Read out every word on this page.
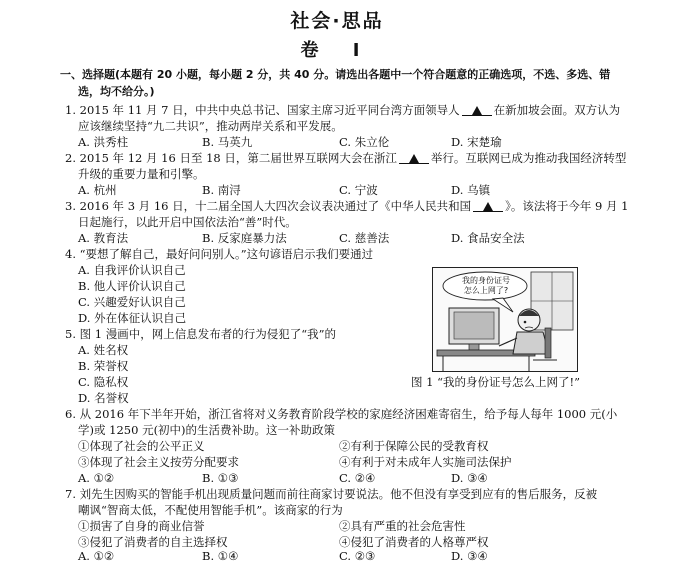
社会·思品
卷 I
一、选择题(本题有 20 小题，每小题 2 分，共 40 分。请选出各题中一个符合题意的正确选项，不选、多选、错
选，均不给分。)
1. 2015 年 11 月 7 日，中共中央总书记、国家主席习近平同台湾方面领导人	在新加坡会面。双方认为
应该继续坚持“九二共识”，推动两岸关系和平发展。
A. 洪秀柱	B. 马英九	C. 朱立伦	D. 宋楚瑜
2. 2015 年 12 月 16 日至 18 日，第二届世界互联网大会在浙江	举行。互联网已成为推动我国经济转型
升级的重要力量和引擎。
A. 杭州	B. 南浔	C. 宁波	D. 乌镇
3. 2016 年 3 月 16 日，十二届全国人大四次会议表决通过了《中华人民共和国	》。该法将于今年 9 月 1
日起施行，以此开启中国依法治“善”时代。
A. 教育法	B. 反家庭暴力法	C. 慈善法	D. 食品安全法
4. “要想了解自己，最好问问别人。”这句谚语启示我们要通过
A. 自我评价认识自己
B. 他人评价认识自己
C. 兴趣爱好认识自己
D. 外在体征认识自己
5. 图 1 漫画中，网上信息发布者的行为侵犯了“我”的
A. 姓名权
B. 荣誉权
C. 隐私权
D. 名誉权
我的身份证号
怎么上网了?
图 1 “我的身份证号怎么上网了!”
6. 从 2016 年下半年开始，浙江省将对义务教育阶段学校的家庭经济困难寄宿生，给予每人每年 1000 元(小
学)或 1250 元(初中)的生活费补助。这一补助政策
①体现了社会的公平正义	②有利于保障公民的受教育权
③体现了社会主义按劳分配要求	④有利于对未成年人实施司法保护
A. ①②	B. ①③	C. ②④	D. ③④
7. 刘先生因购买的智能手机出现质量问题而前往商家讨要说法。他不但没有享受到应有的售后服务，反被
嘲讽“智商太低，不配使用智能手机”。该商家的行为
①损害了自身的商业信誉	②具有严重的社会危害性
③侵犯了消费者的自主选择权	④侵犯了消费者的人格尊严权
A. ①②	B. ①④	C. ②③	D. ③④
